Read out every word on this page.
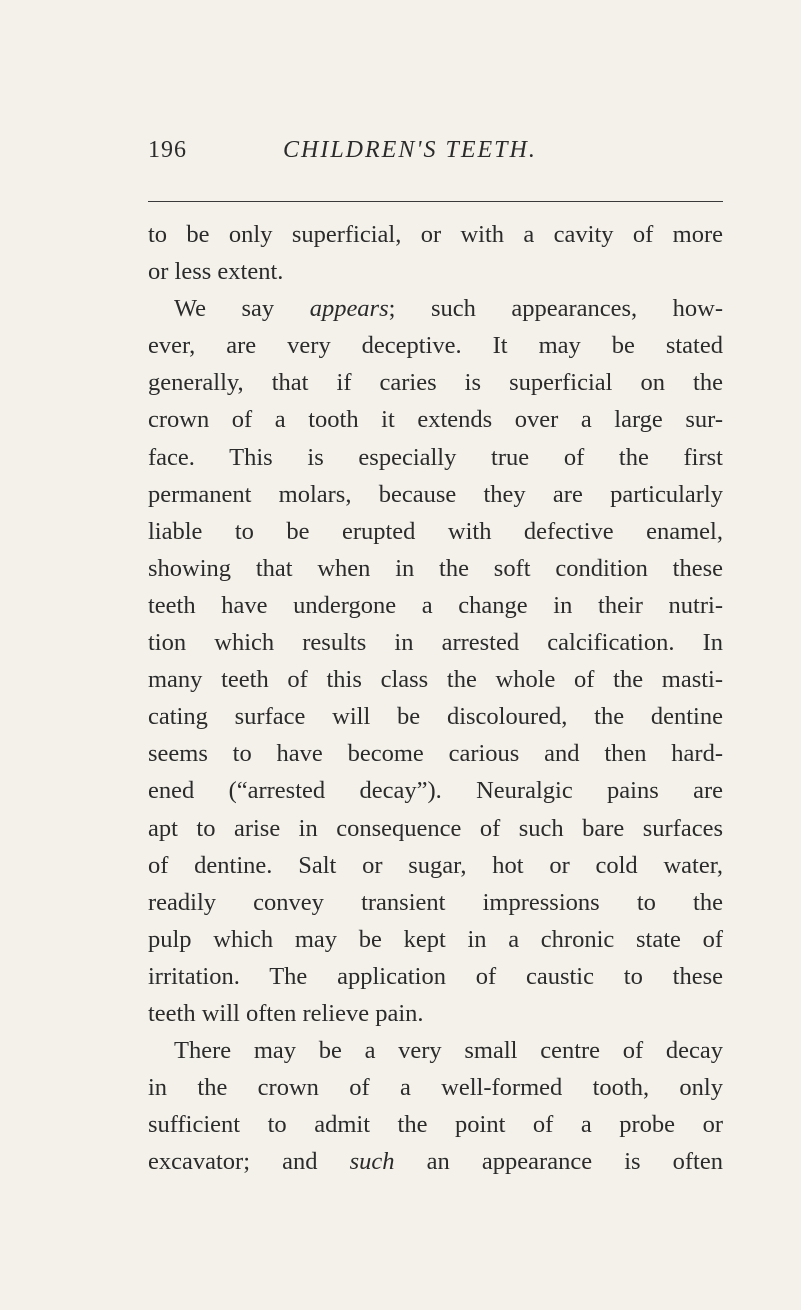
196	CHILDREN'S TEETH.
to be only superficial, or with a cavity of more
or less extent.
We say appears; such appearances, how-
ever, are very deceptive. It may be stated
generally, that if caries is superficial on the
crown of a tooth it extends over a large sur-
face. This is especially true of the first
permanent molars, because they are particularly
liable to be erupted with defective enamel,
showing that when in the soft condition these
teeth have undergone a change in their nutri-
tion which results in arrested calcification. In
many teeth of this class the whole of the masti-
cating surface will be discoloured, the dentine
seems to have become carious and then hard-
ened (“arrested decay”). Neuralgic pains are
apt to arise in consequence of such bare surfaces
of dentine. Salt or sugar, hot or cold water,
readily convey transient impressions to the
pulp which may be kept in a chronic state of
irritation. The application of caustic to these
teeth will often relieve pain.
There may be a very small centre of decay
in the crown of a well-formed tooth, only
sufficient to admit the point of a probe or
excavator; and such an appearance is often
